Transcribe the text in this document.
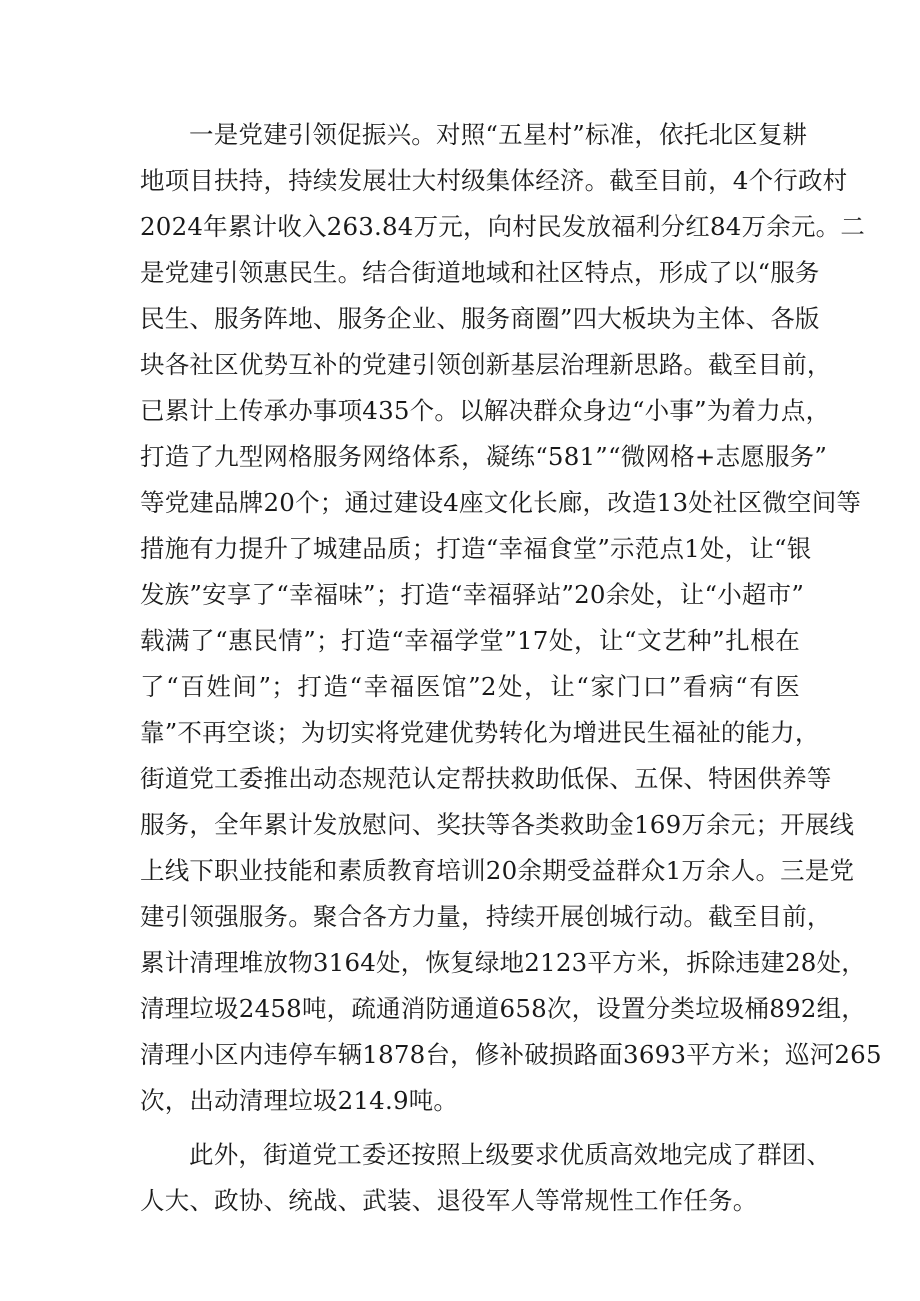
一是党建引领促振兴。对照“五星村”标准，依托北区复耕
地项目扶持，持续发展壮大村级集体经济。截至目前，4个行政村
2024年累计收入263.84万元，向村民发放福利分红84万余元。二
是党建引领惠民生。结合街道地域和社区特点，形成了以“服务
民生、服务阵地、服务企业、服务商圈”四大板块为主体、各版
块各社区优势互补的党建引领创新基层治理新思路。截至目前，
已累计上传承办事项435个。以解决群众身边“小事”为着力点，
打造了九型网格服务网络体系，凝练“581”“微网格+志愿服务”
等党建品牌20个；通过建设4座文化长廊，改造13处社区微空间等
措施有力提升了城建品质；打造“幸福食堂”示范点1处，让“银
发族”安享了“幸福味”；打造“幸福驿站”20余处，让“小超市”
载满了“惠民情”；打造“幸福学堂”17处，让“文艺种”扎根在
了“百姓间”；打造“幸福医馆”2处，让“家门口”看病“有医
靠”不再空谈；为切实将党建优势转化为增进民生福祉的能力，
街道党工委推出动态规范认定帮扶救助低保、五保、特困供养等
服务，全年累计发放慰问、奖扶等各类救助金169万余元；开展线
上线下职业技能和素质教育培训20余期受益群众1万余人。三是党
建引领强服务。聚合各方力量，持续开展创城行动。截至目前，
累计清理堆放物3164处，恢复绿地2123平方米，拆除违建28处，
清理垃圾2458吨，疏通消防通道658次，设置分类垃圾桶892组，
清理小区内违停车辆1878台，修补破损路面3693平方米；巡河265
次，出动清理垃圾214.9吨。
此外，街道党工委还按照上级要求优质高效地完成了群团、
人大、政协、统战、武装、退役军人等常规性工作任务。
